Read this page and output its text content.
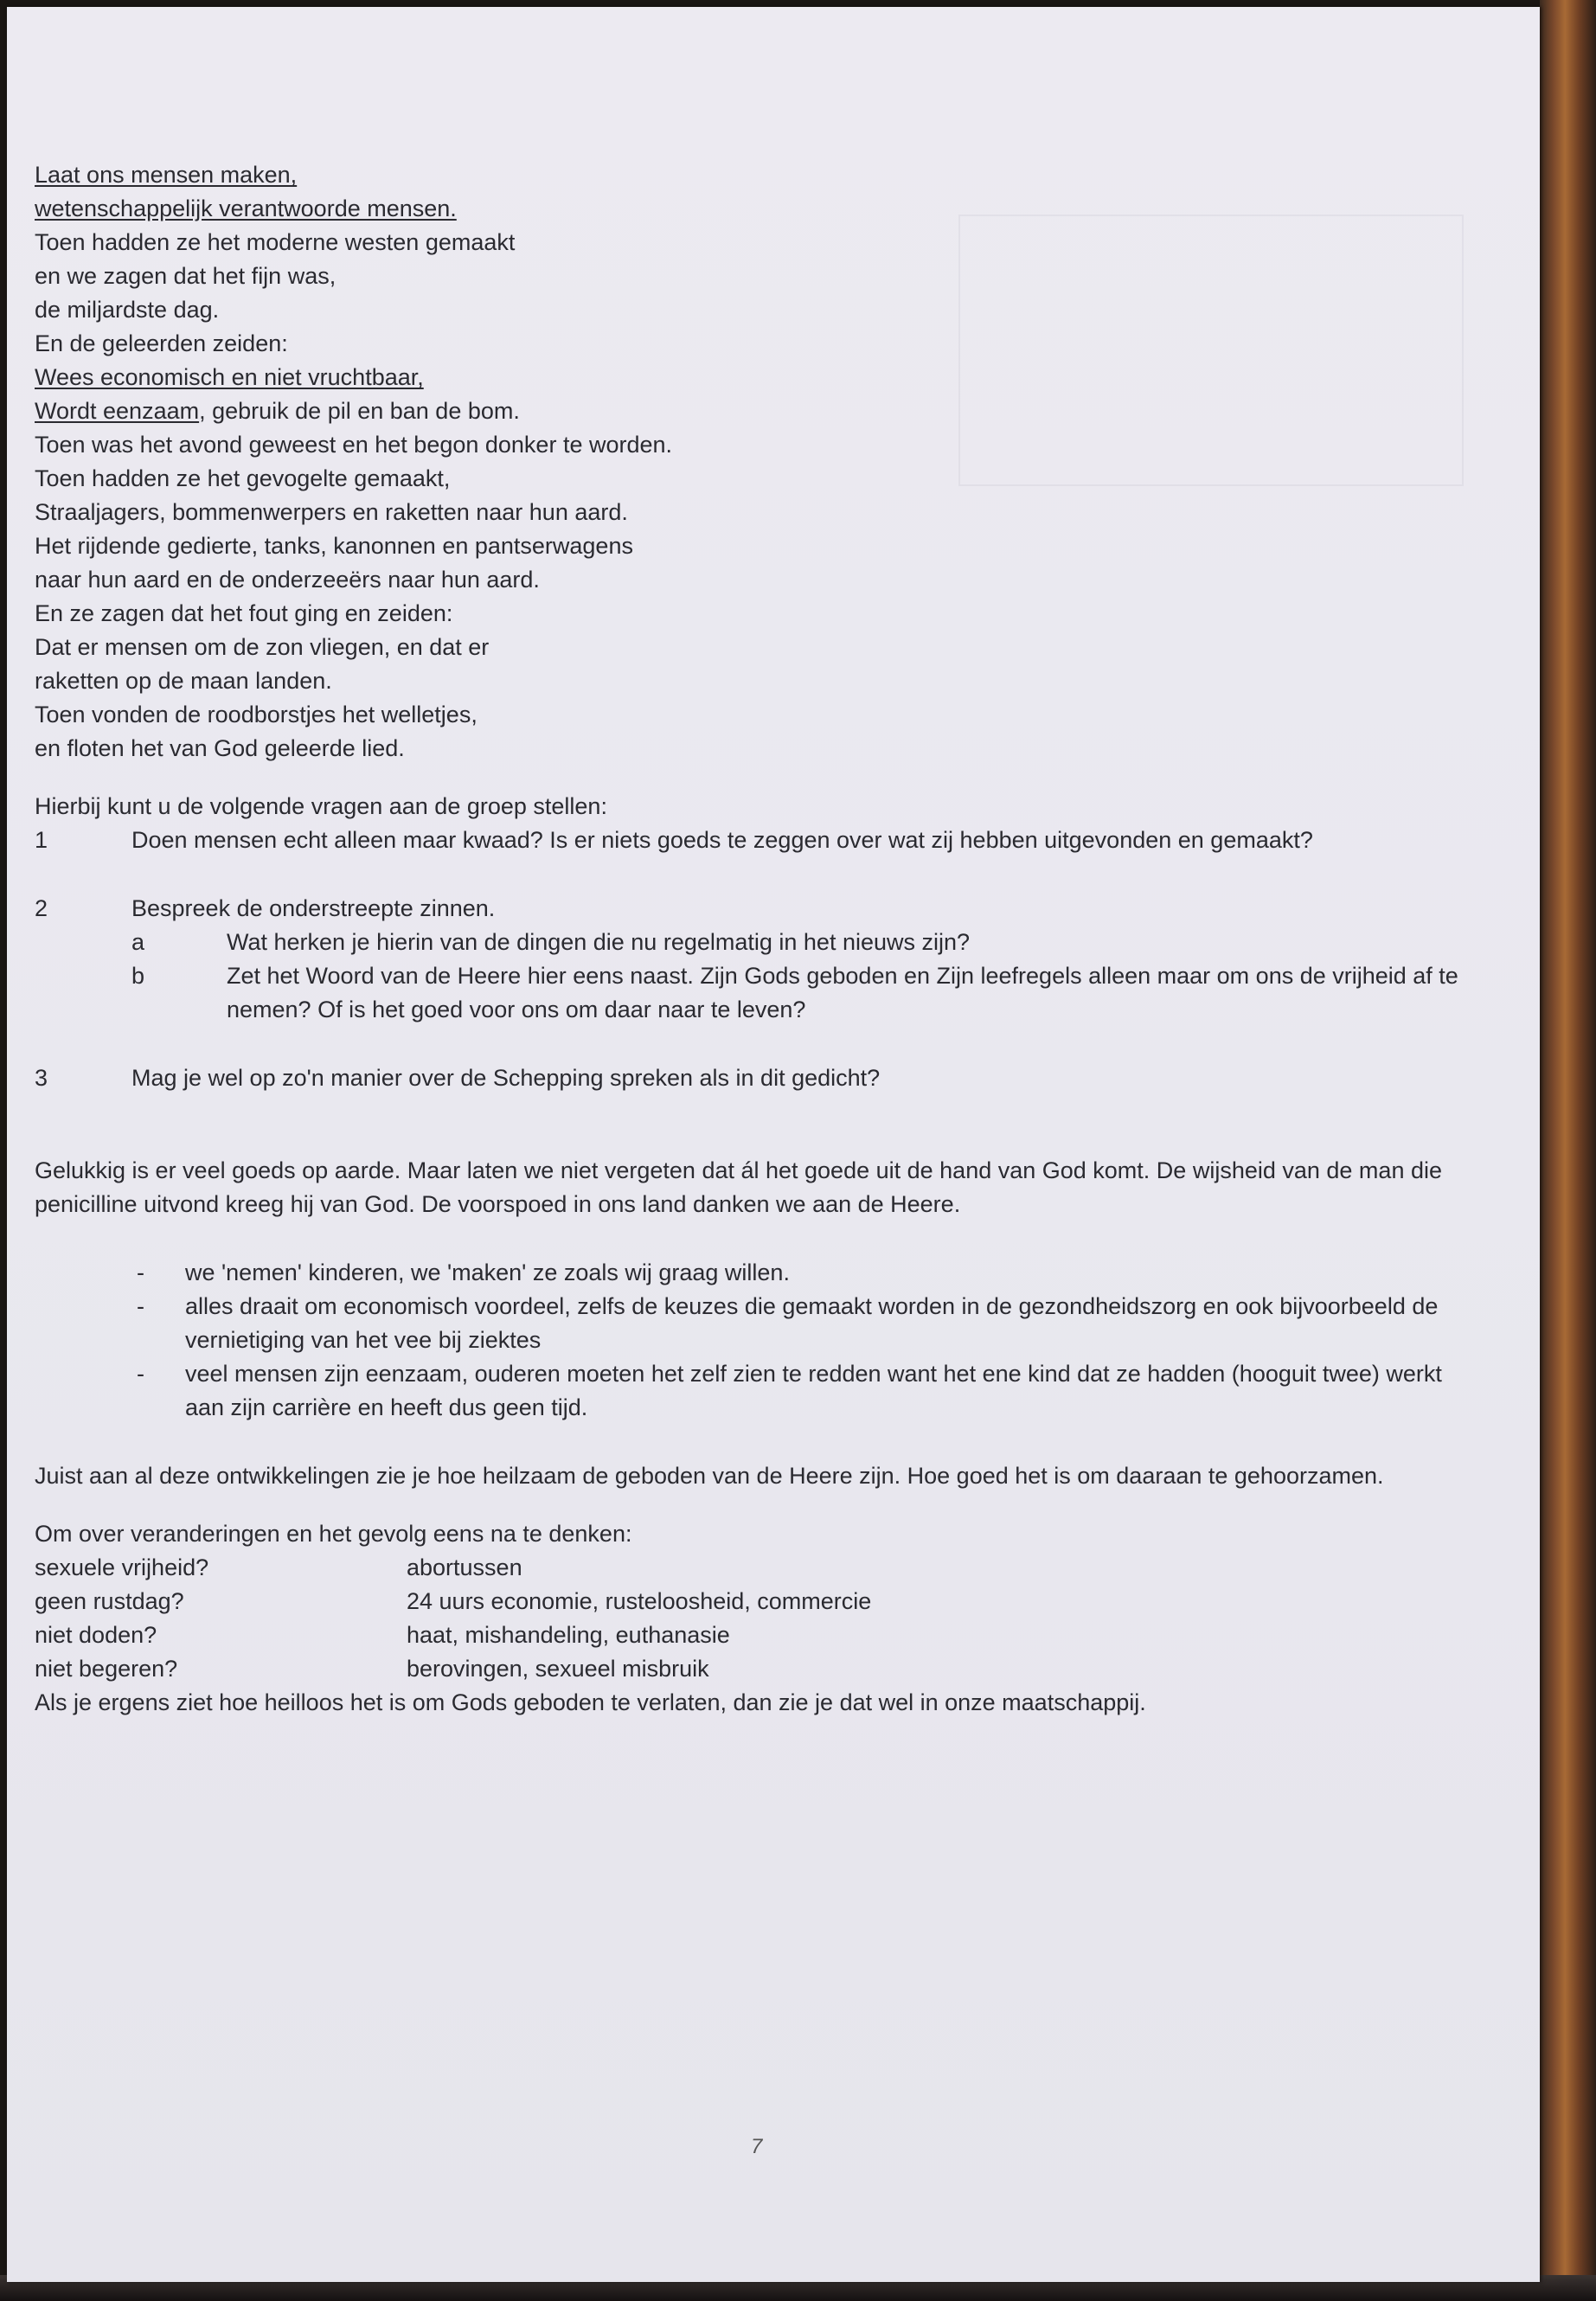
Laat ons mensen maken,
wetenschappelijk verantwoorde mensen.
Toen hadden ze het moderne westen gemaakt
en we zagen dat het fijn was,
de miljardste dag.
En de geleerden zeiden:
Wees economisch en niet vruchtbaar,
Wordt eenzaam, gebruik de pil en ban de bom.
Toen was het avond geweest en het begon donker te worden.
Toen hadden ze het gevogelte gemaakt,
Straaljagers, bommenwerpers en raketten naar hun aard.
Het rijdende gedierte, tanks, kanonnen en pantserwagens
naar hun aard en de onderzeeërs naar hun aard.
En ze zagen dat het fout ging en zeiden:
Dat er mensen om de zon vliegen, en dat er
raketten op de maan landen.
Toen vonden de roodborstjes het welletjes,
en floten het van God geleerde lied.
Hierbij kunt u de volgende vragen aan de groep stellen:
1	Doen mensen echt alleen maar kwaad? Is er niets goeds te zeggen over wat zij hebben uitgevonden en gemaakt?
2	Bespreek de onderstreepte zinnen.
a	Wat herken je hierin van de dingen die nu regelmatig in het nieuws zijn?
b	Zet het Woord van de Heere hier eens naast. Zijn Gods geboden en Zijn leefregels alleen maar om ons de vrijheid af te nemen? Of is het goed voor ons om daar naar te leven?
3	Mag je wel op zo'n manier over de Schepping spreken als in dit gedicht?
Gelukkig is er veel goeds op aarde. Maar laten we niet vergeten dat ál het goede uit de hand van God komt. De wijsheid van de man die penicilline uitvond kreeg hij van God. De voorspoed in ons land danken we aan de Heere.
-	we 'nemen' kinderen, we 'maken' ze zoals wij graag willen.
-	alles draait om economisch voordeel, zelfs de keuzes die gemaakt worden in de gezondheidszorg en ook bijvoorbeeld de vernietiging van het vee bij ziektes
-	veel mensen zijn eenzaam, ouderen moeten het zelf zien te redden want het ene kind dat ze hadden (hooguit twee) werkt aan zijn carrière en heeft dus geen tijd.
Juist aan al deze ontwikkelingen zie je hoe heilzaam de geboden van de Heere zijn. Hoe goed het is om daaraan te gehoorzamen.
Om over veranderingen en het gevolg eens na te denken:
sexuele vrijheid?	abortussen
geen rustdag?	24 uurs economie, rusteloosheid, commercie
niet doden?	haat, mishandeling, euthanasie
niet begeren?	berovingen, sexueel misbruik
Als je ergens ziet hoe heilloos het is om Gods geboden te verlaten, dan zie je dat wel in onze maatschappij.
7
